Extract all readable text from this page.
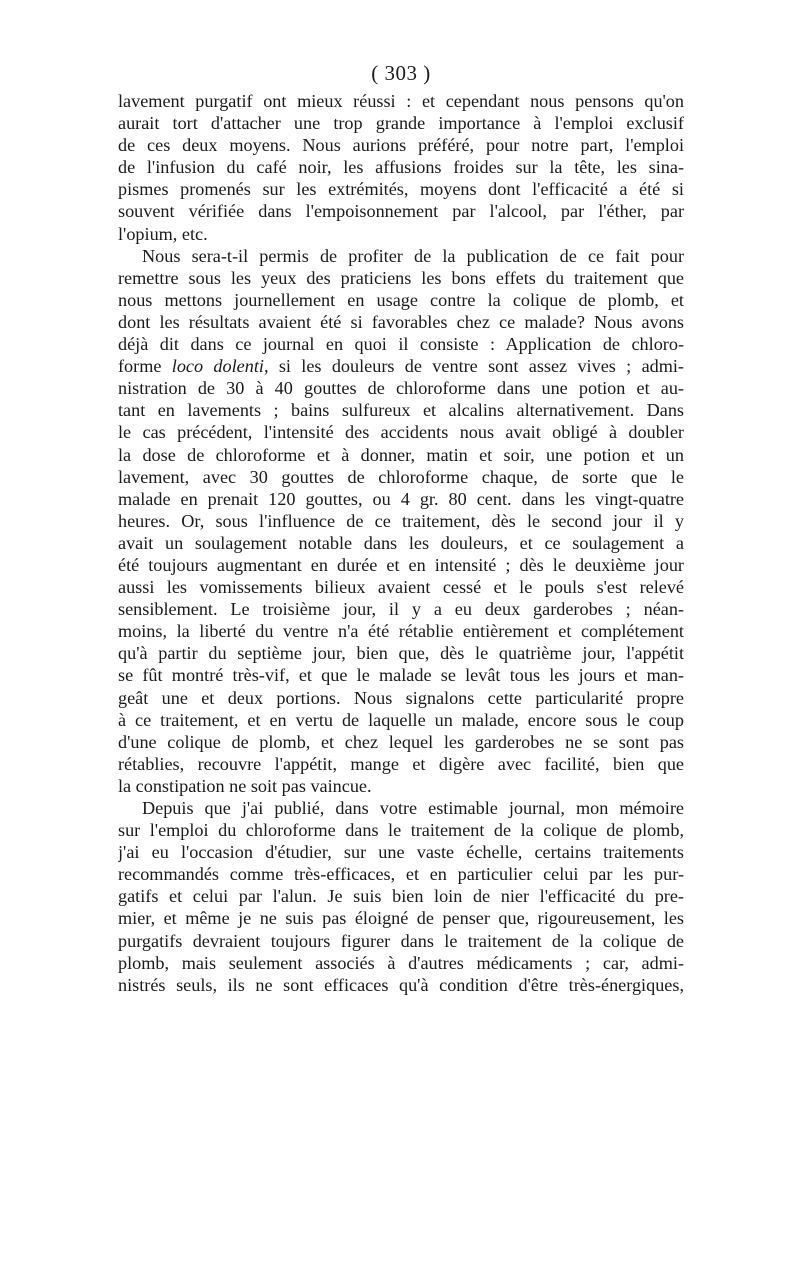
( 303 )
lavement purgatif ont mieux réussi : et cependant nous pensons qu'on
aurait tort d'attacher une trop grande importance à l'emploi exclusif
de ces deux moyens. Nous aurions préféré, pour notre part, l'emploi
de l'infusion du café noir, les affusions froides sur la tête, les sina-
pismes promenés sur les extrémités, moyens dont l'efficacité a été si
souvent vérifiée dans l'empoisonnement par l'alcool, par l'éther, par
l'opium, etc.
Nous sera-t-il permis de profiter de la publication de ce fait pour
remettre sous les yeux des praticiens les bons effets du traitement que
nous mettons journellement en usage contre la colique de plomb, et
dont les résultats avaient été si favorables chez ce malade? Nous avons
déjà dit dans ce journal en quoi il consiste : Application de chloro-
forme loco dolenti, si les douleurs de ventre sont assez vives ; admi-
nistration de 30 à 40 gouttes de chloroforme dans une potion et au-
tant en lavements ; bains sulfureux et alcalins alternativement. Dans
le cas précédent, l'intensité des accidents nous avait obligé à doubler
la dose de chloroforme et à donner, matin et soir, une potion et un
lavement, avec 30 gouttes de chloroforme chaque, de sorte que le
malade en prenait 120 gouttes, ou 4 gr. 80 cent. dans les vingt-quatre
heures. Or, sous l'influence de ce traitement, dès le second jour il y
avait un soulagement notable dans les douleurs, et ce soulagement a
été toujours augmentant en durée et en intensité ; dès le deuxième jour
aussi les vomissements bilieux avaient cessé et le pouls s'est relevé
sensiblement. Le troisième jour, il y a eu deux garderobes ; néan-
moins, la liberté du ventre n'a été rétablie entièrement et complétement
qu'à partir du septième jour, bien que, dès le quatrième jour, l'appétit
se fût montré très-vif, et que le malade se levât tous les jours et man-
geât une et deux portions. Nous signalons cette particularité propre
à ce traitement, et en vertu de laquelle un malade, encore sous le coup
d'une colique de plomb, et chez lequel les garderobes ne se sont pas
rétablies, recouvre l'appétit, mange et digère avec facilité, bien que
la constipation ne soit pas vaincue.
Depuis que j'ai publié, dans votre estimable journal, mon mémoire
sur l'emploi du chloroforme dans le traitement de la colique de plomb,
j'ai eu l'occasion d'étudier, sur une vaste échelle, certains traitements
recommandés comme très-efficaces, et en particulier celui par les pur-
gatifs et celui par l'alun. Je suis bien loin de nier l'efficacité du pre-
mier, et même je ne suis pas éloigné de penser que, rigoureusement, les
purgatifs devraient toujours figurer dans le traitement de la colique de
plomb, mais seulement associés à d'autres médicaments ; car, admi-
nistrés seuls, ils ne sont efficaces qu'à condition d'être très-énergiques,
